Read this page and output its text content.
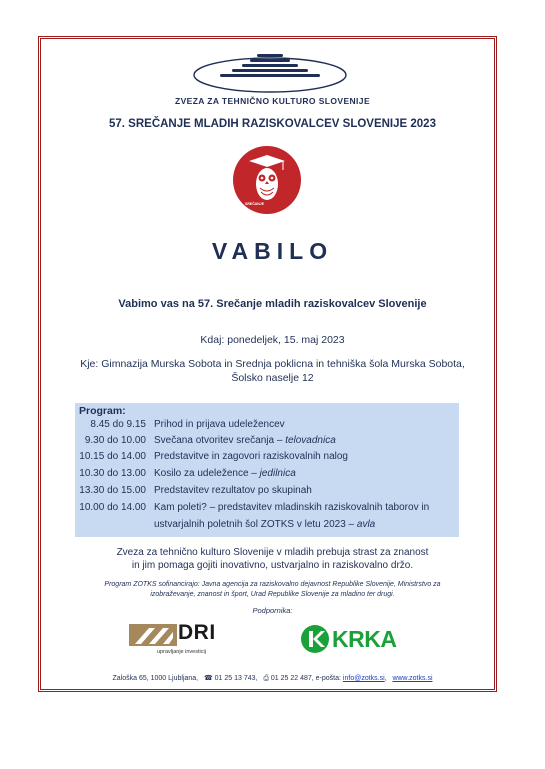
ZVEZA ZA TEHNIČNO KULTURO SLOVENIJE
57. SREČANJE MLADIH RAZISKOVALCEV SLOVENIJE 2023
SREČANJE
VABILO
Vabimo vas na 57. Srečanje mladih raziskovalcev Slovenije
Kdaj: ponedeljek, 15. maj 2023
Kje: Gimnazija Murska Sobota in Srednja poklicna in tehniška šola Murska Sobota,
Šolsko naselje 12
Program:
8.45 do 9.15 Prihod in prijava udeležencev
9.30 do 10.00 Svečana otvoritev srečanja – telovadnica
10.15 do 14.00 Predstavitve in zagovori raziskovalnih nalog
10.30 do 13.00 Kosilo za udeležence – jedilnica
13.30 do 15.00 Predstavitev rezultatov po skupinah
10.00 do 14.00 Kam poleti? – predstavitev mladinskih raziskovalnih taborov in
ustvarjalnih poletnih šol ZOTKS v letu 2023 – avla
Zveza za tehnično kulturo Slovenije v mladih prebuja strast za znanost
in jim pomaga gojiti inovativno, ustvarjalno in raziskovalno držo.
Program ZOTKS sofinancirajo: Javna agencija za raziskovalno dejavnost Republike Slovenije, Ministrstvo za
izobraževanje, znanost in šport, Urad Republike Slovenije za mladino ter drugi.
Podpornika:
DRI
upravljanje investicij	KRKA
Zaloška 65, 1000 Ljubljana, ☎ 01 25 13 743, ⎙ 01 25 22 487, e-pošta: info@zotks.si,   www.zotks.si
